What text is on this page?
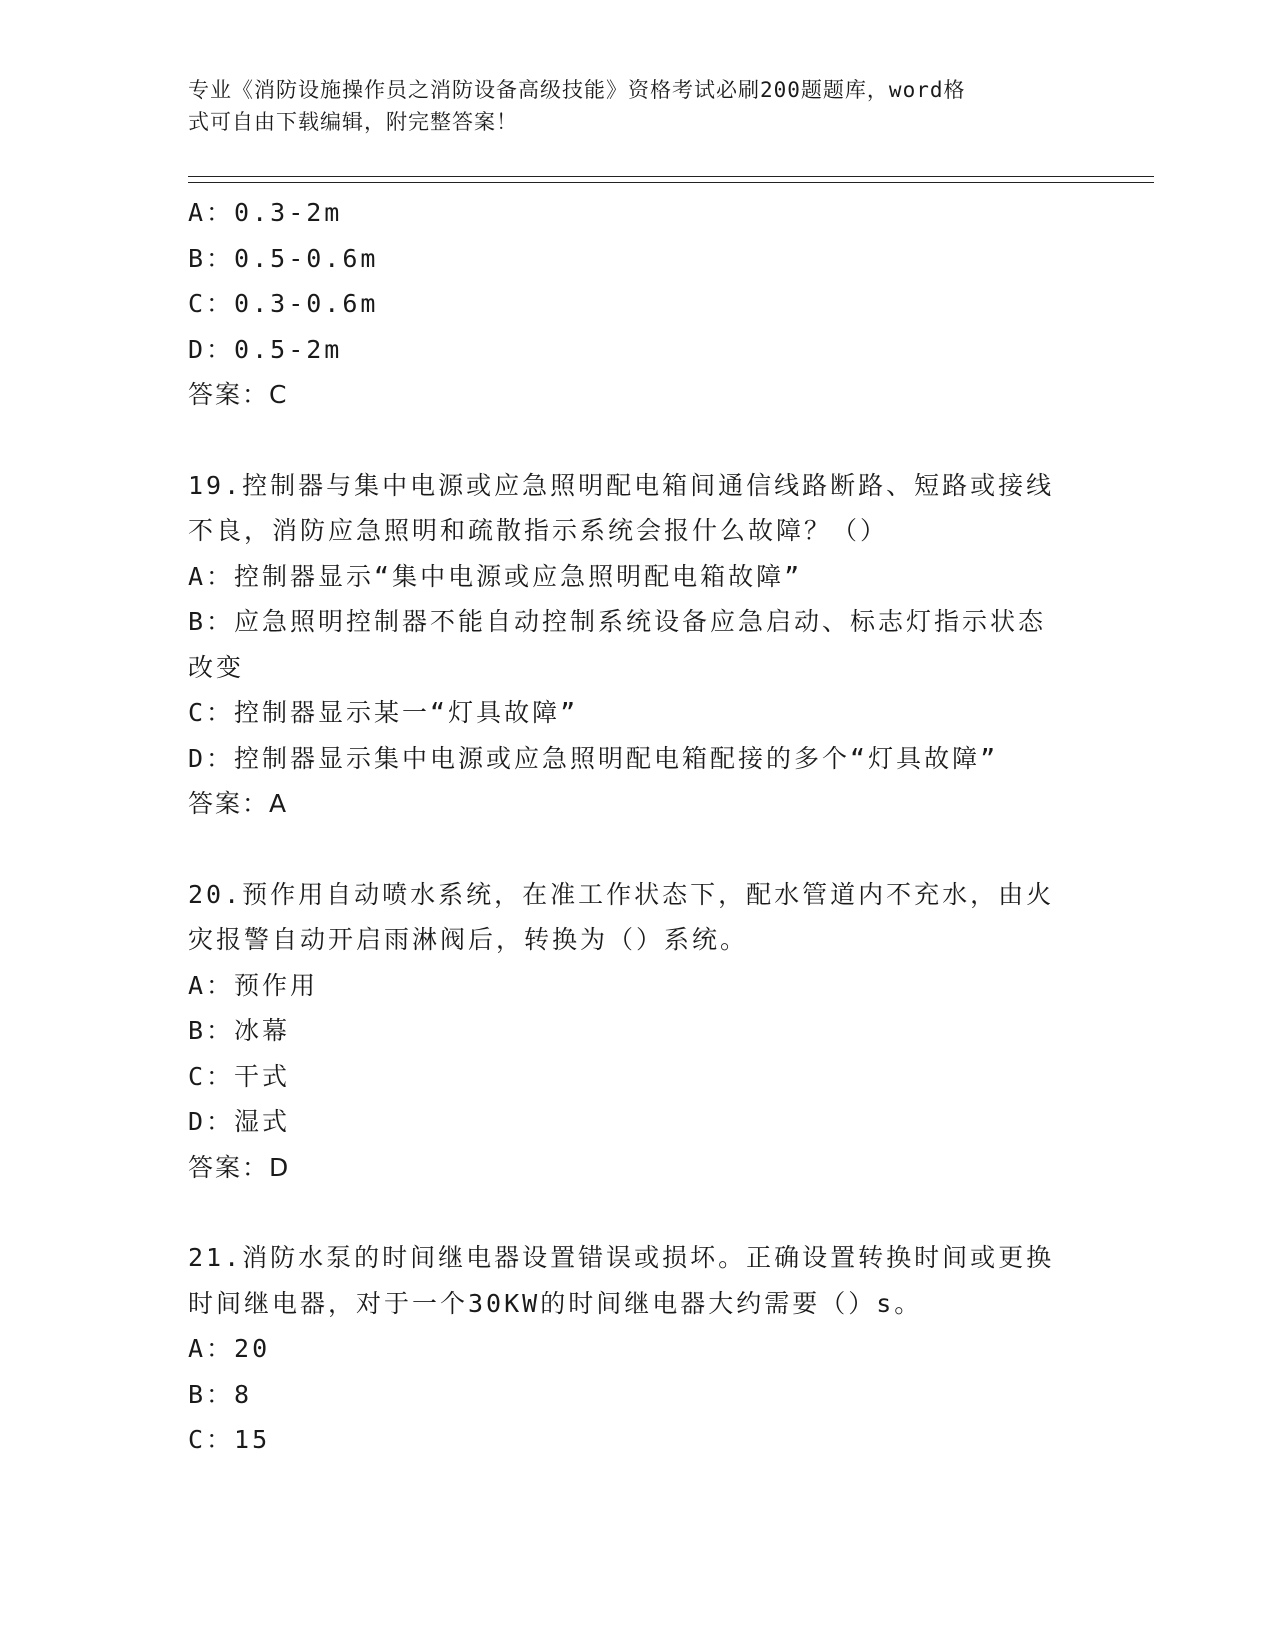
专业《消防设施操作员之消防设备高级技能》资格考试必刷200题题库，word格
式可自由下载编辑，附完整答案！

A：0.3-2m

B：0.5-0.6m

C：0.3-0.6m

D：0.5-2m

答案：C

19.控制器与集中电源或应急照明配电箱间通信线路断路、短路或接线

不良，消防应急照明和疏散指示系统会报什么故障？（）

A：控制器显示“集中电源或应急照明配电箱故障”

B：应急照明控制器不能自动控制系统设备应急启动、标志灯指示状态

改变

C：控制器显示某一“灯具故障”

D：控制器显示集中电源或应急照明配电箱配接的多个“灯具故障”

答案：A

20.预作用自动喷水系统，在准工作状态下，配水管道内不充水，由火

灾报警自动开启雨淋阀后，转换为（）系统。

A：预作用

B：冰幕

C：干式

D：湿式

答案：D

21.消防水泵的时间继电器设置错误或损坏。正确设置转换时间或更换

时间继电器，对于一个30KW的时间继电器大约需要（）s。

A：20

B：8

C：15
